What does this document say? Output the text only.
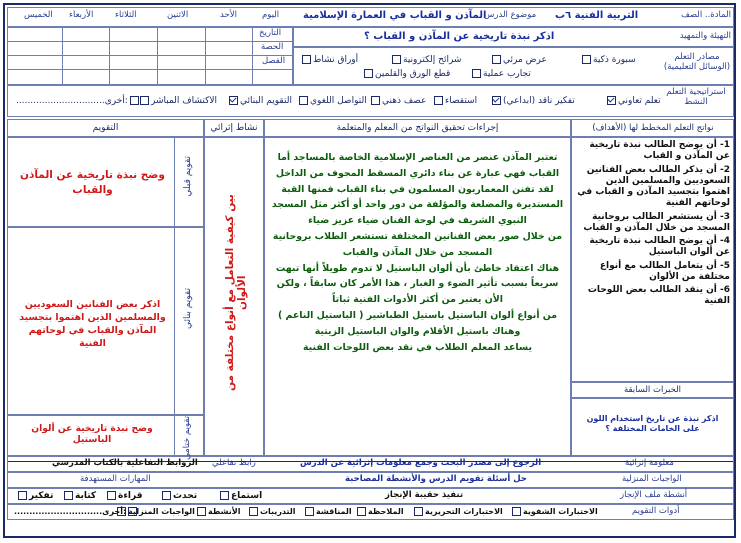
المادة.. الصف
التربية الفنية ٦ب
موضوع الدرس
المآذن و القباب في العمارة الإسلامية
اليوم
الأحد
الاثنين
الثلاثاء
الأربعاء
الخميس
التاريخ
الحصة
الفصل
التهيئة والتمهيد
اذكر نبذة تاريخية عن المآذن و القباب ؟
مصادر التعلم (الوسائل التعليمية)
سبورة ذكية
عرض مرئي
شرائح إلكترونية
أوراق نشاط
تجارب عملية
قطع الورق والقلمين
استراتيجية التعلم النشط
تعلم تعاوني
تفكير ناقد (ابداعي)
استقصاء
عصف ذهني
التواصل اللغوي
التقويم البنائي
الاكتشاف المباشر
...............................أخرى:
نواتج التعلم المخطط لها (الأهداف)
إجراءات تحقيق النواتج من المعلم والمتعلمة
نشاط إثرائي
التقويم
1- أن يوضح الطالب نبذة تاريخية عن المآذن و القباب
2- أن يذكر الطالب بعض الفنانين السعوديين والمسلمين الذين اهتموا بتجسيد المآذن و القباب في لوحاتهم الفنية
3- أن يستشعر الطالب بروحانية المسجد من خلال المآذن و القباب
4- أن يوضح الطالب نبذة تاريخية عن ألوان الباستيل
5- أن يتعامل الطالب مع أنواع مختلفة من الألوان
6- أن ينقد الطالب بعض اللوحات الفنية
الخبرات السابقة
اذكر نبذة عن تاريخ استخدام اللون على الخامات المختلفة ؟
تعتبر المآذن عنصر من العناصر الإسلامية الخاصة بالمساجد أما
القباب فهي عبارة عن بناء دائري المسقط المجوف من الداخل
لقد تفنن المعماريون المسلمون في بناء القباب فمنها القبة
المستديرة والمضلعة والمؤلفة من دور واحد أو أكثر مثل المسجد
النبوي الشريف في لوحة الفنان ضياء عزيز ضياء
من خلال صور بعض الفنانين المختلفة تستشعر الطلاب بروحانية
المسجد من خلال المآذن والقباب
هناك اعتقاد خاطئ بأن ألوان الباستيل لا تدوم طويلاً أنها تبهت
سريعاً بسبب تأثير الضوء و الغبار ، هذا الأمر كان سابقاً ، ولكن
الأن يعتبر من أكثر الأدوات الفنية ثباتاً
من أنواع ألوان الباستيل باستيل الطباشير ( الباستيل الناعم )
وهناك باستيل الأقلام والوان الباستيل الزيتية
يساعد المعلم الطلاب في نقد بعض اللوحات الفنية
بين كيفية التعامل مع أنواع مختلفة من الألوان
تقويم قبلي
وضح نبذة تاريخية عن المآذن والقباب
تقويم بنائي
اذكر بعض الفنانين السعوديين والمسلمين الذين اهتموا بتجسيد المآذن والقباب في لوحاتهم الفنية
تقويم ختامي
وضح نبذة تاريخية عن ألوان الباستيل
معلومة إثرائية
الرجوع إلى مصدر البحث وجمع معلومات إثرائية عن الدرس
رابط تفاعلي
الروابط التفاعلية بالكتاب المدرسي
الواجبات المنزلية
حل أسئلة تقويم الدرس والأنشطة المصاحبة
المهارات المستهدفة
أنشطة ملف الإنجاز
تنفيذ حقيبة الإنجاز
استماع
تحدث
قراءة
كتابة
تفكير
أدوات التقويم
الاختبارات الشفوية
الاختبارات التحريرية
الملاحظة
المناقشة
التدريبات
الأنشطة
الواجبات المنزلية
.............................أخرى:
